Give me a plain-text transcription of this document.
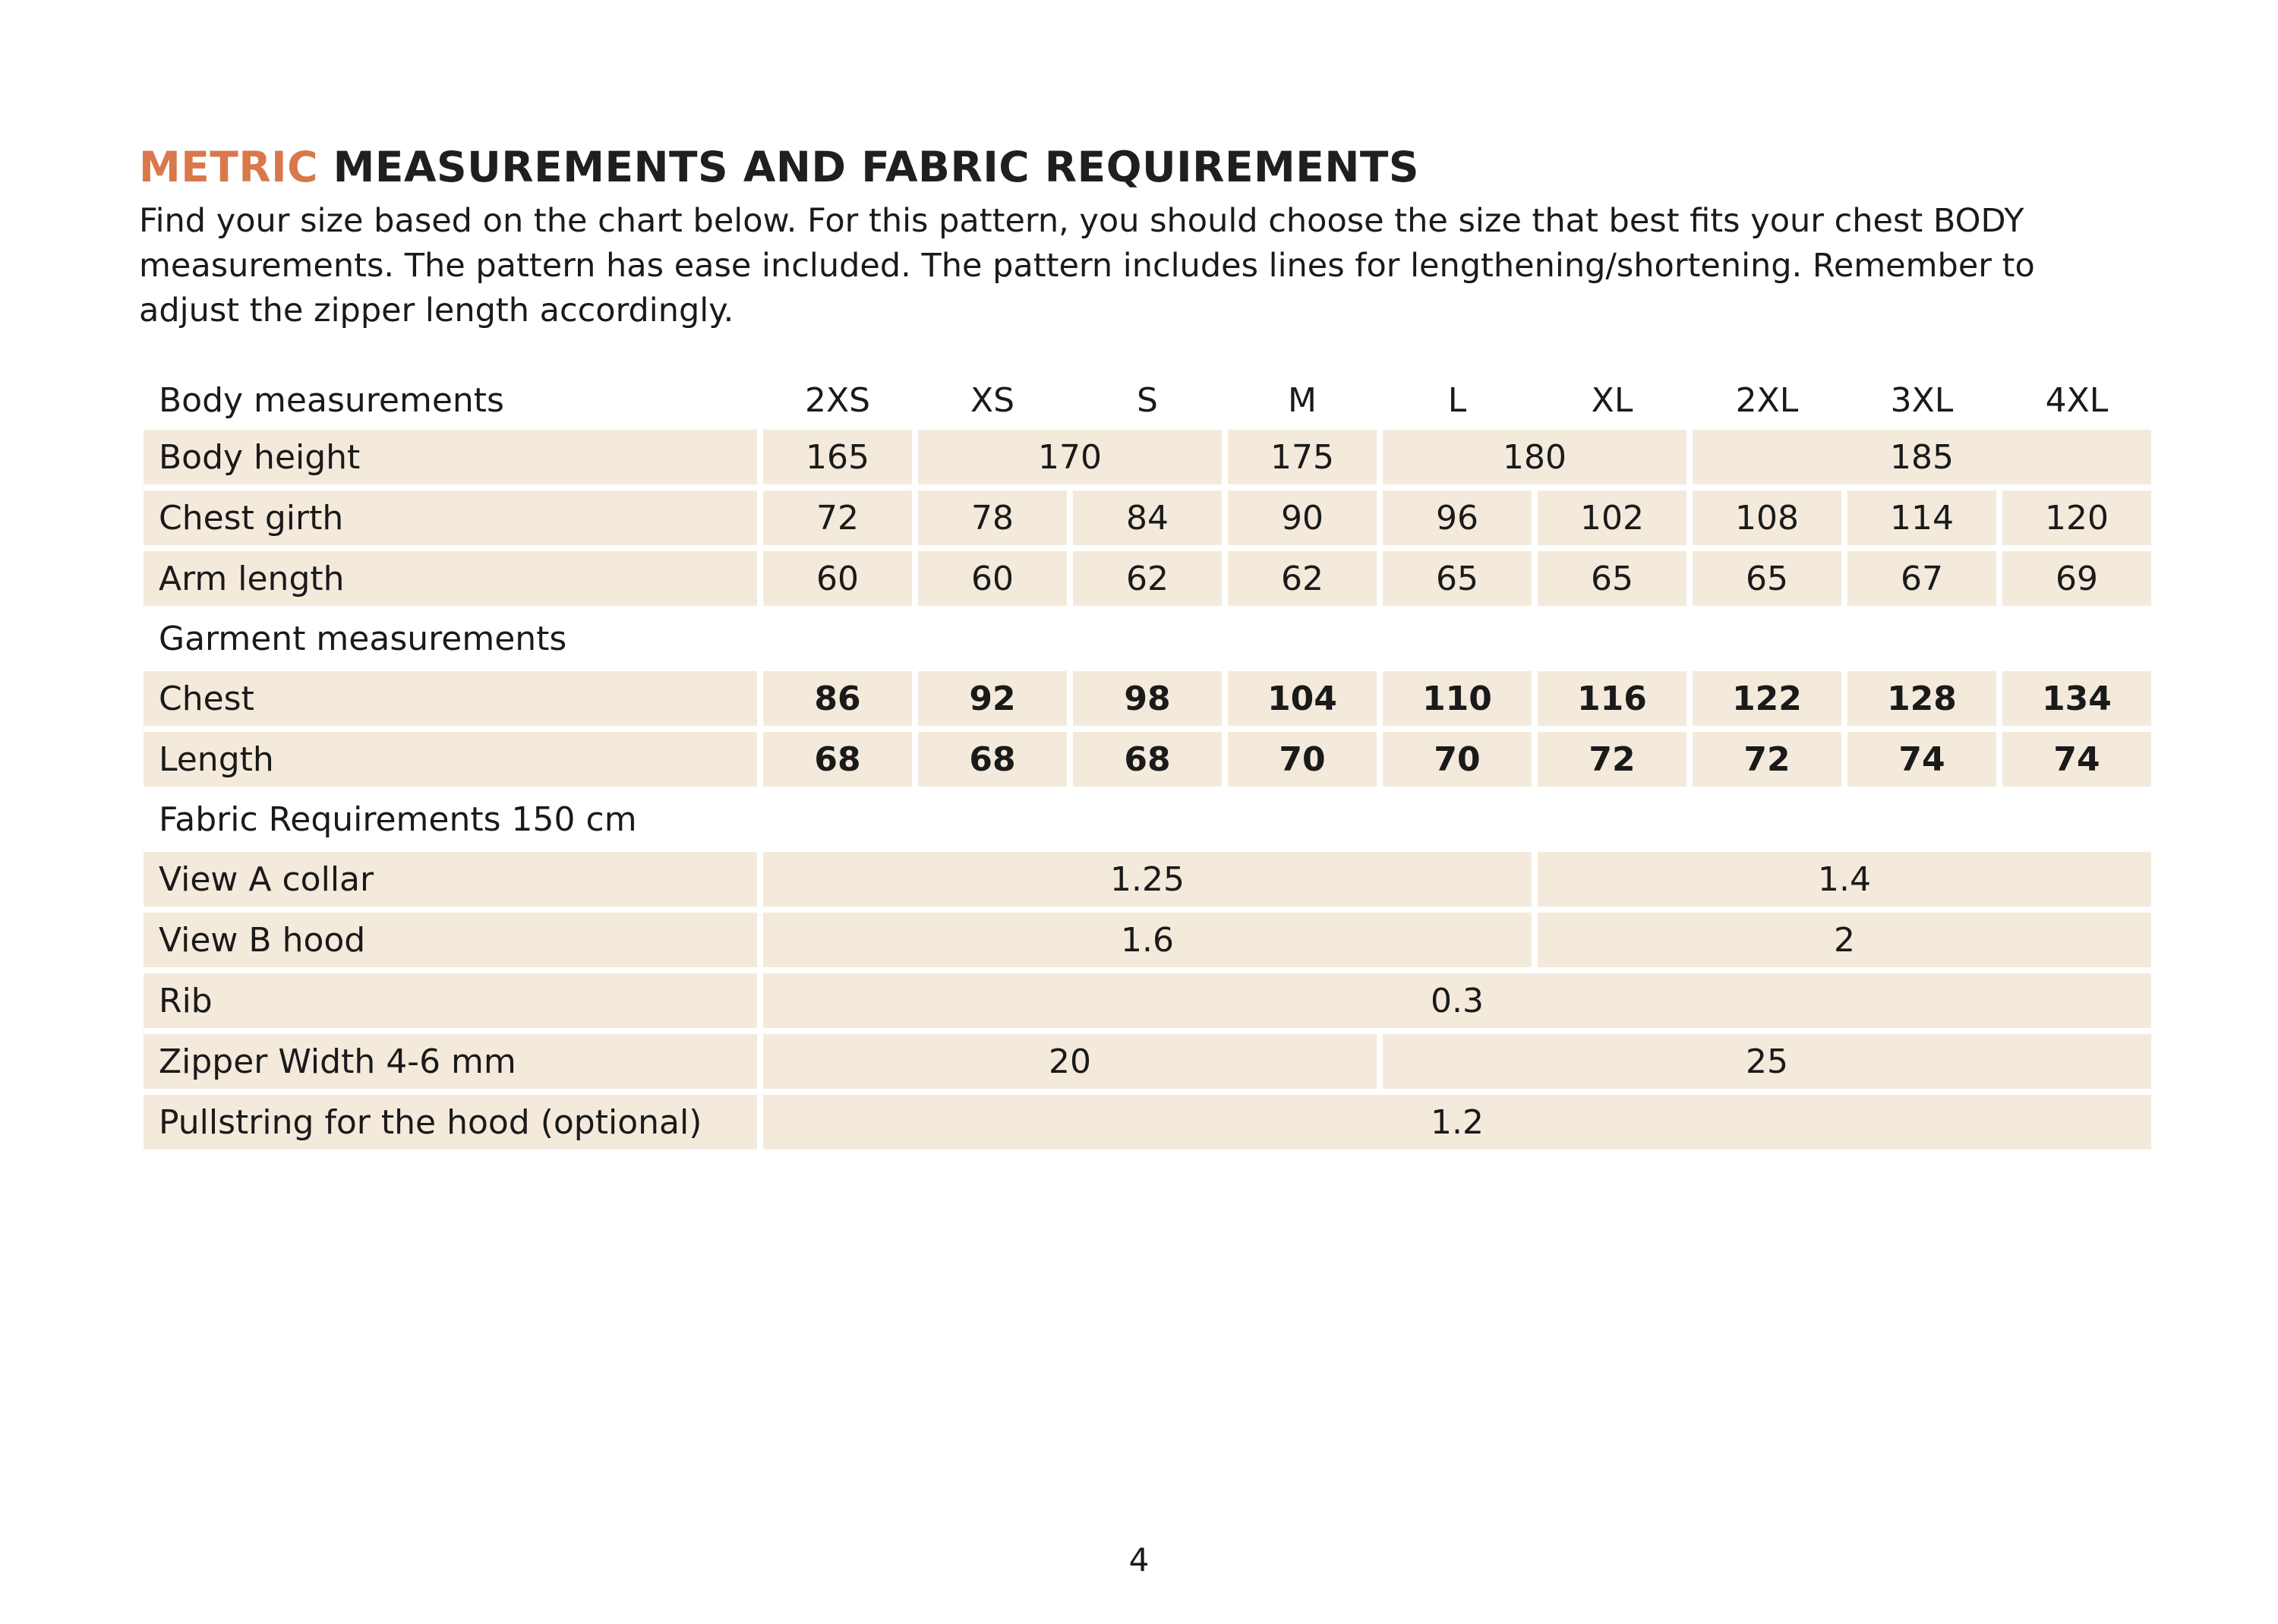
METRIC MEASUREMENTS AND FABRIC REQUIREMENTS
Find your size based on the chart below. For this pattern, you should choose the size that best fits your chest BODY
measurements. The pattern has ease included. The pattern includes lines for lengthening/shortening. Remember to
adjust the zipper length accordingly.
Body measurements	2XS	XS	S	M	L	XL	2XL	3XL	4XL
Body height	165	170		175	180		185		
Chest girth	72	78	84	90	96	102	108	114	120
Arm length	60	60	62	62	65	65	65	67	69
Garment measurements									
Chest	86	92	98	104	110	116	122	128	134
Length	68	68	68	70	70	72	72	74	74
Fabric Requirements 150 cm									
View A collar	1.25					1.4			
View B hood	1.6					2			
Rib	0.3								
Zipper Width 4-6 mm	20				25				
Pullstring for the hood (optional)	1.2								
4
